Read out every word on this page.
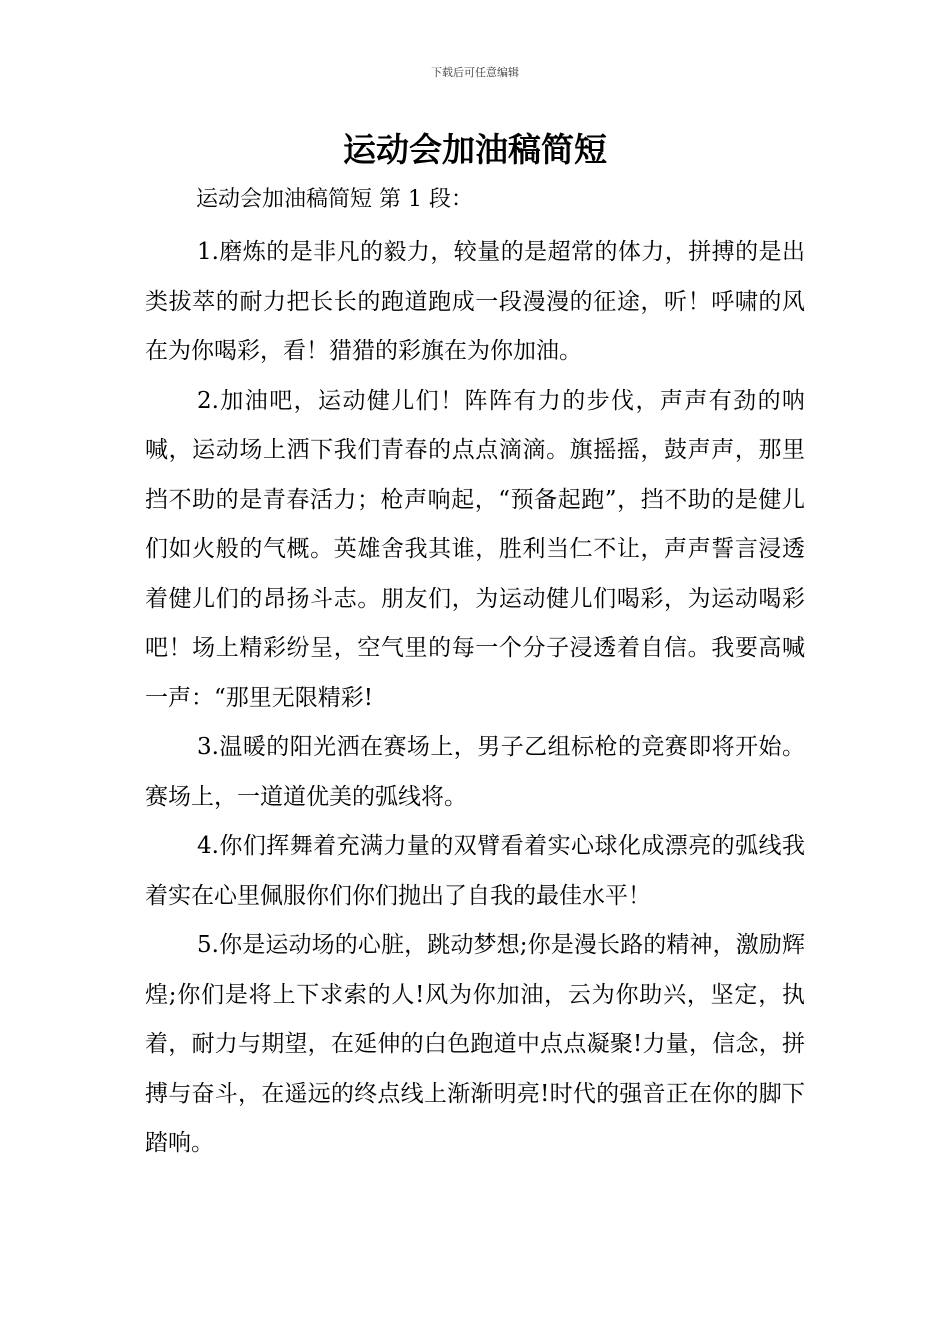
下载后可任意编辑
运动会加油稿简短
运动会加油稿简短 第 1 段：

1.磨炼的是非凡的毅力，较量的是超常的体力，拼搏的是出类拔萃的耐力把长长的跑道跑成一段漫漫的征途，听！呼啸的风在为你喝彩，看！猎猎的彩旗在为你加油。

2.加油吧，运动健儿们！阵阵有力的步伐，声声有劲的呐喊，运动场上洒下我们青春的点点滴滴。旗摇摇，鼓声声，那里挡不助的是青春活力；枪声响起，“预备起跑”，挡不助的是健儿们如火般的气概。英雄舍我其谁，胜利当仁不让，声声誓言浸透着健儿们的昂扬斗志。朋友们，为运动健儿们喝彩，为运动喝彩吧！场上精彩纷呈，空气里的每一个分子浸透着自信。我要高喊一声：“那里无限精彩!

3.温暖的阳光洒在赛场上，男子乙组标枪的竞赛即将开始。赛场上，一道道优美的弧线将。

4.你们挥舞着充满力量的双臂看着实心球化成漂亮的弧线我着实在心里佩服你们你们抛出了自我的最佳水平！

5.你是运动场的心脏，跳动梦想;你是漫长路的精神，激励辉煌;你们是将上下求索的人!风为你加油，云为你助兴，坚定，执着，耐力与期望，在延伸的白色跑道中点点凝聚!力量，信念，拼搏与奋斗，在遥远的终点线上渐渐明亮!时代的强音正在你的脚下踏响。
